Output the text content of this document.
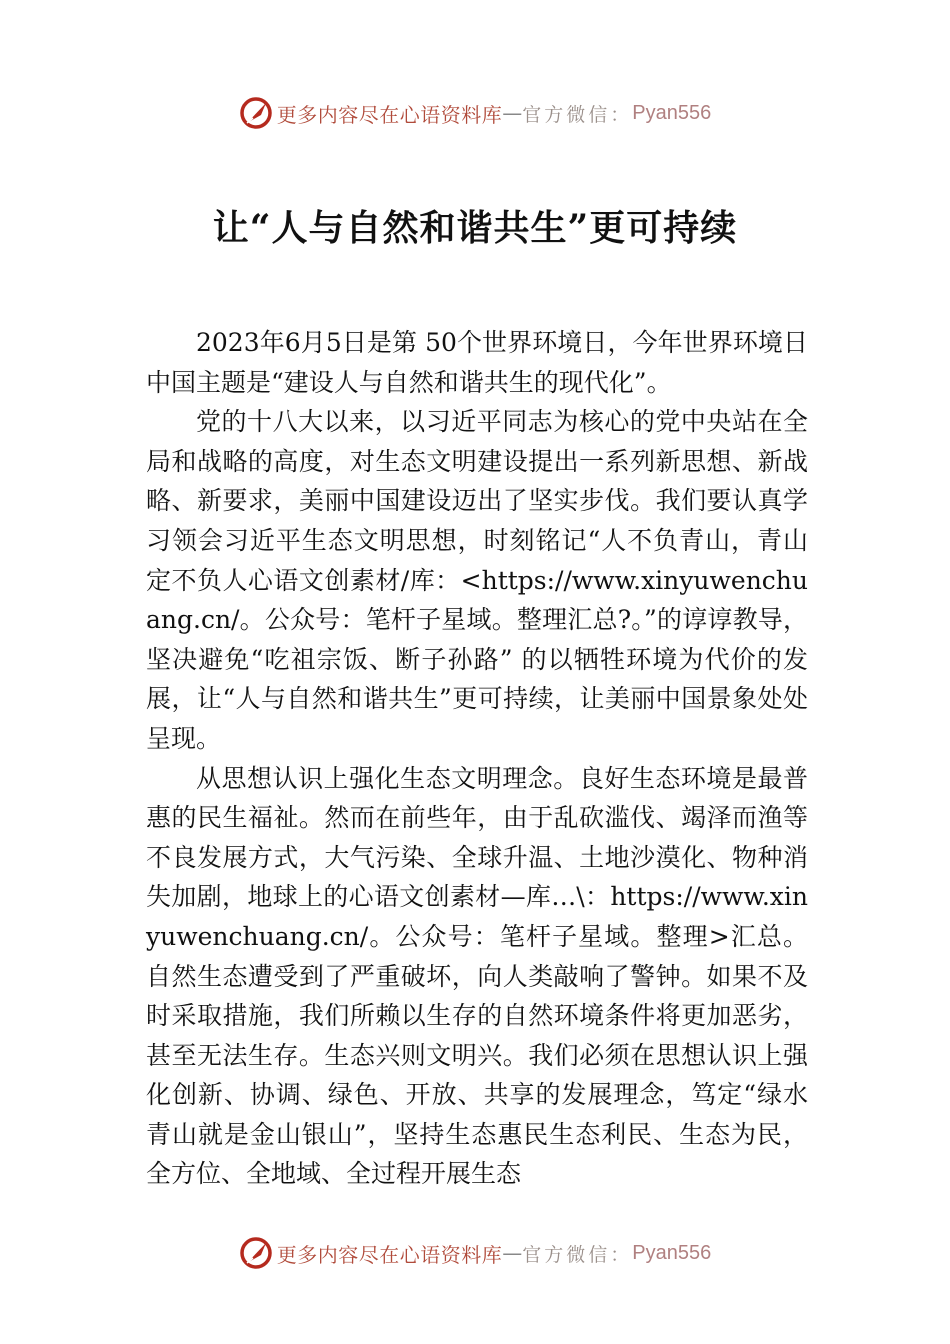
更多内容尽在心语资料库 — 官方微信： Pyan556
让“人与自然和谐共生”更可持续

2023年6月5日是第 50个世界环境日，今年世界环境日中国主题是“建设人与自然和谐共生的现代化”。

党的十八大以来，以习近平同志为核心的党中央站在全局和战略的高度，对生态文明建设提出一系列新思想、新战略、新要求，美丽中国建设迈出了坚实步伐。我们要认真学习领会习近平生态文明思想，时刻铭记“人不负青山，青山定不负人心语文创素材/库：<https://www.xinyuwenchuang.cn/。公众号：笔杆子星域。整理汇总?。”的谆谆教导，坚决避免“吃祖宗饭、断子孙路” 的以牺牲环境为代价的发展，让“人与自然和谐共生”更可持续，让美丽中国景象处处呈现。

从思想认识上强化生态文明理念。良好生态环境是最普惠的民生福祉。然而在前些年，由于乱砍滥伐、竭泽而渔等不良发展方式，大气污染、全球升温、土地沙漠化、物种消失加剧，地球上的心语文创素材—库…\：https://www.xinyuwenchuang.cn/。公众号：笔杆子星域。整理>汇总。自然生态遭受到了严重破坏，向人类敲响了警钟。如果不及时采取措施，我们所赖以生存的自然环境条件将更加恶劣，甚至无法生存。生态兴则文明兴。我们必须在思想认识上强化创新、协调、绿色、开放、共享的发展理念，笃定“绿水青山就是金山银山”，坚持生态惠民生态利民、生态为民，全方位、全地域、全过程开展生态

更多内容尽在心语资料库 — 官方微信： Pyan556
